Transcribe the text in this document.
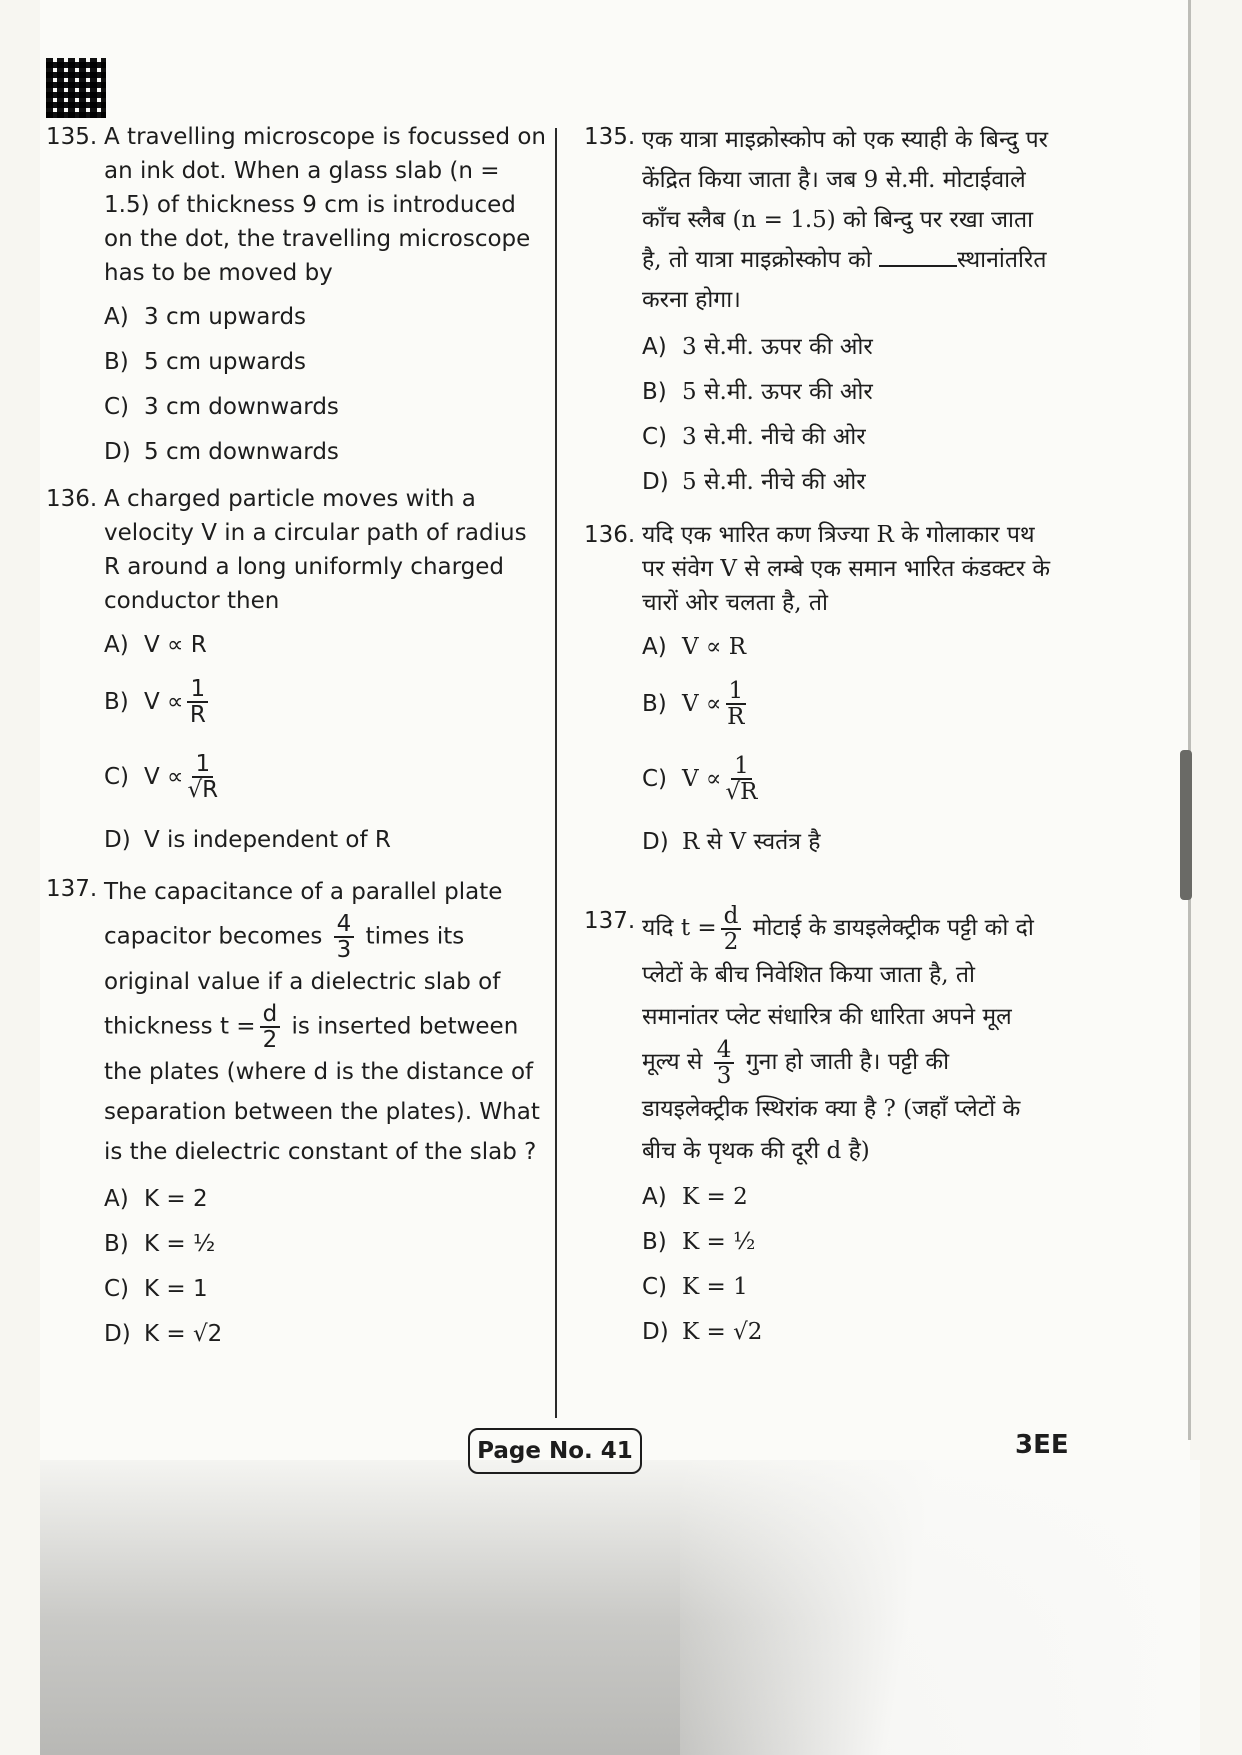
135. A travelling microscope is focussed on an ink dot. When a glass slab (n = 1.5) of thickness 9 cm is introduced on the dot, the travelling microscope has to be moved by
A) 3 cm upwards
B) 5 cm upwards
C) 3 cm downwards
D) 5 cm downwards
136. A charged particle moves with a velocity V in a circular path of radius R around a long uniformly charged conductor then
A) V ∝ R
B) $V \propto \frac{1}{R}$
C) $V \propto \frac{1}{√R}$
D) V is independent of R
137. The capacitance of a parallel plate capacitor becomes $\frac{4}{3}$ times its original value if a dielectric slab of thickness $t = \frac{d}{2}$ is inserted between the plates (where d is the distance of separation between the plates). What is the dielectric constant of the slab ?
A) K = 2
B) K = ½
C) K = 1
D) K = √2
135. एक यात्रा माइक्रोस्कोप को एक स्याही के बिन्दु पर केंद्रित किया जाता है। जब 9 से.मी. मोटाईवाले काँच स्लैब (n = 1.5) को बिन्दु पर रखा जाता है, तो यात्रा माइक्रोस्कोप को	स्थानांतरित करना होगा।
A) 3 से.मी. ऊपर की ओर
B) 5 से.मी. ऊपर की ओर
C) 3 से.मी. नीचे की ओर
D) 5 से.मी. नीचे की ओर
136. यदि एक भारित कण त्रिज्या R के गोलाकार पथ पर संवेग V से लम्बे एक समान भारित कंडक्टर के चारों ओर चलता है, तो
A) V ∝ R
B) $V \propto \frac{1}{R}$
C) $V \propto \frac{1}{√R}$
D) R से V स्वतंत्र है
137. यदि $t = \frac{d}{2}$ मोटाई के डायइलेक्ट्रीक पट्टी को दो प्लेटों के बीच निवेशित किया जाता है, तो समानांतर प्लेट संधारित्र की धारिता अपने मूल मूल्य से $\frac{4}{3}$ गुना हो जाती है। पट्टी की डायइलेक्ट्रीक स्थिरांक क्या है ? (जहाँ प्लेटों के बीच के पृथक की दूरी d है)
A) K = 2
B) K = ½
C) K = 1
D) K = √2
Page No. 41	3EE
